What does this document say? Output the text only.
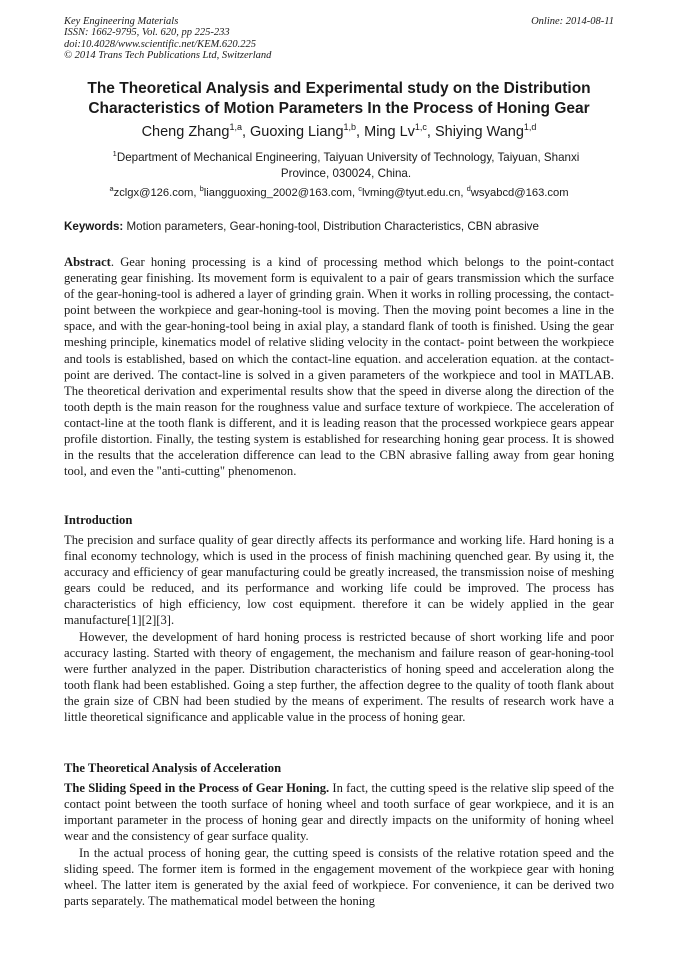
Key Engineering Materials
ISSN: 1662-9795, Vol. 620, pp 225-233
doi:10.4028/www.scientific.net/KEM.620.225
© 2014 Trans Tech Publications Ltd, Switzerland
Online: 2014-08-11
The Theoretical Analysis and Experimental study on the Distribution
Characteristics of Motion Parameters In the Process of Honing Gear
Cheng Zhang$^{1,a}$, Guoxing Liang$^{1,b}$, Ming Lv$^{1,c}$, Shiying Wang$^{1,d}$
$^1$Department of Mechanical Engineering, Taiyuan University of Technology, Taiyuan, Shanxi Province, 030024, China.
$^a$zclgx@126.com, $^b$liangguoxing_2002@163.com, $^c$lvming@tyut.edu.cn, $^d$wsyabcd@163.com
Keywords: Motion parameters, Gear-honing-tool, Distribution Characteristics, CBN abrasive

Abstract. Gear honing processing is a kind of processing method which belongs to the point-contact generating gear finishing. Its movement form is equivalent to a pair of gears transmission which the surface of the gear-honing-tool is adhered a layer of grinding grain. When it works in rolling processing, the contact-point between the workpiece and gear-honing-tool is moving. Then the moving point becomes a line in the space, and with the gear-honing-tool being in axial play, a standard flank of tooth is finished. Using the gear meshing principle, kinematics model of relative sliding velocity in the contact- point between the workpiece and tools is established, based on which the contact-line equation. and acceleration equation. at the contact-point are derived. The contact-line is solved in a given parameters of the workpiece and tool in MATLAB. The theoretical derivation and experimental results show that the speed in diverse along the direction of the tooth depth is the main reason for the roughness value and surface texture of workpiece. The acceleration of contact-line at the tooth flank is different, and it is leading reason that the processed workpiece gears appear profile distortion. Finally, the testing system is established for researching honing gear process. It is showed in the results that the acceleration difference can lead to the CBN abrasive falling away from gear honing tool, and even the "anti-cutting" phenomenon.

Introduction

The precision and surface quality of gear directly affects its performance and working life. Hard honing is a final economy technology, which is used in the process of finish machining quenched gear. By using it, the accuracy and efficiency of gear manufacturing could be greatly increased, the transmission noise of meshing gears could be reduced, and its performance and working life could be improved. The process has characteristics of high efficiency, low cost equipment. therefore it can be widely applied in the gear manufacture[1][2][3].

However, the development of hard honing process is restricted because of short working life and poor accuracy lasting. Started with theory of engagement, the mechanism and failure reason of gear-honing-tool were further analyzed in the paper. Distribution characteristics of honing speed and acceleration along the tooth flank had been established. Going a step further, the affection degree to the quality of tooth flank about the grain size of CBN had been studied by the means of experiment. The results of research work have a little theoretical significance and applicable value in the process of honing gear.

The Theoretical Analysis of Acceleration

The Sliding Speed in the Process of Gear Honing. In fact, the cutting speed is the relative slip speed of the contact point between the tooth surface of honing wheel and tooth surface of gear workpiece, and it is an important parameter in the process of honing gear and directly impacts on the uniformity of honing wheel wear and the consistency of gear surface quality.

In the actual process of honing gear, the cutting speed is consists of the relative rotation speed and the sliding speed. The former item is formed in the engagement movement of the workpiece gear with honing wheel. The latter item is generated by the axial feed of workpiece. For convenience, it can be derived two parts separately. The mathematical model between the honing
